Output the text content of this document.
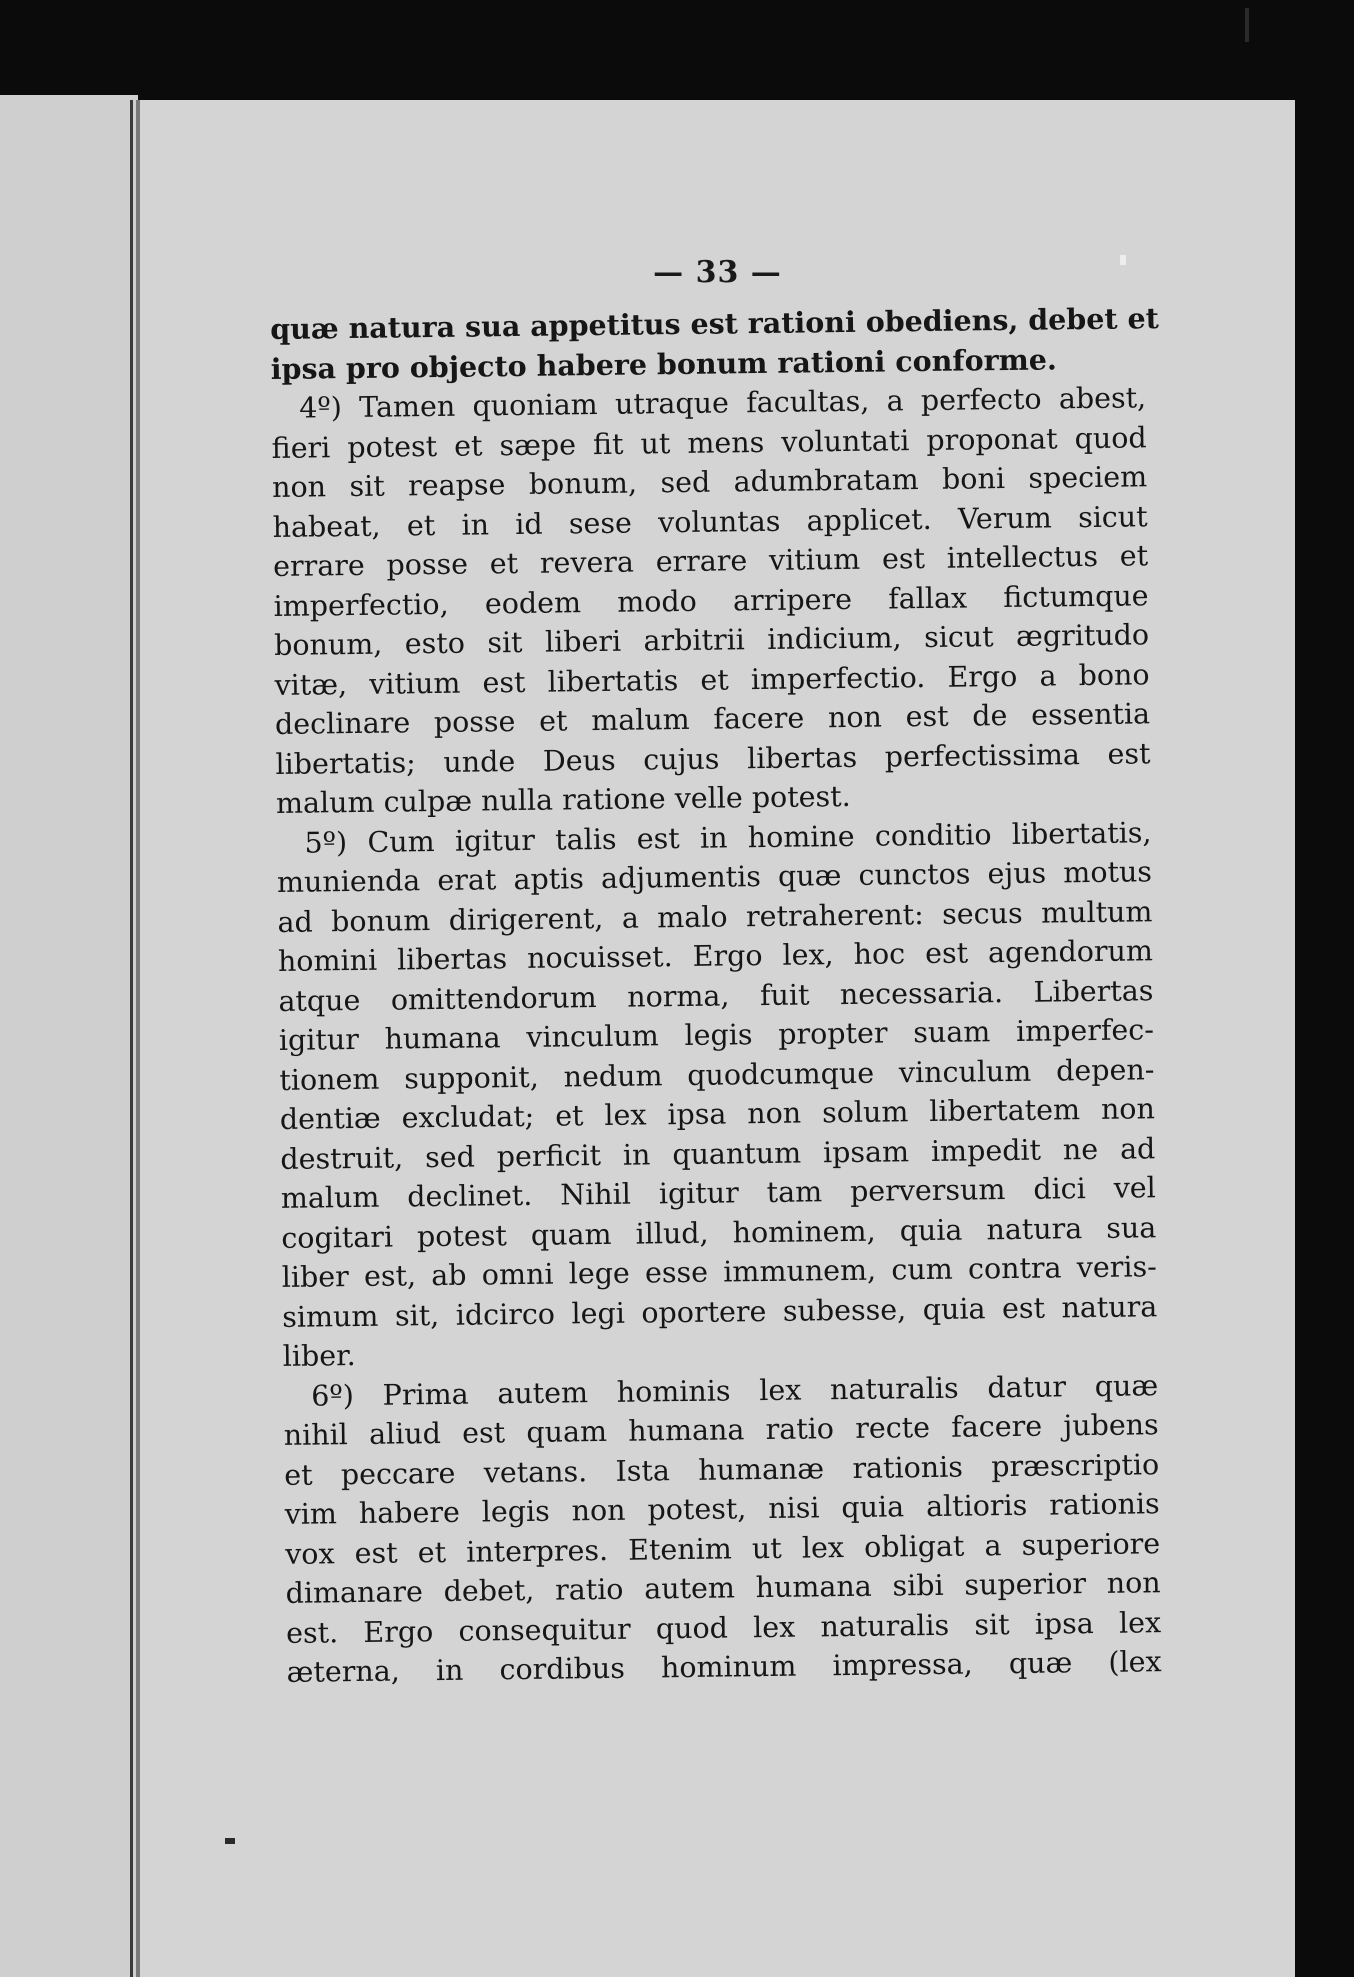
— 33 —
quæ natura sua appetitus est rationi obediens, debet et
ipsa pro objecto habere bonum rationi conforme.
4º) Tamen quoniam utraque facultas, a perfecto abest,
fieri potest et sæpe fit ut mens voluntati proponat quod
non sit reapse bonum, sed adumbratam boni speciem
habeat, et in id sese voluntas applicet. Verum sicut
errare posse et revera errare vitium est intellectus et
imperfectio, eodem modo arripere fallax fictumque
bonum, esto sit liberi arbitrii indicium, sicut ægritudo
vitæ, vitium est libertatis et imperfectio. Ergo a bono
declinare posse et malum facere non est de essentia
libertatis; unde Deus cujus libertas perfectissima est
malum culpæ nulla ratione velle potest.
5º) Cum igitur talis est in homine conditio libertatis,
munienda erat aptis adjumentis quæ cunctos ejus motus
ad bonum dirigerent, a malo retraherent: secus multum
homini libertas nocuisset. Ergo lex, hoc est agendorum
atque omittendorum norma, fuit necessaria. Libertas
igitur humana vinculum legis propter suam imperfec-
tionem supponit, nedum quodcumque vinculum depen-
dentiæ excludat; et lex ipsa non solum libertatem non
destruit, sed perficit in quantum ipsam impedit ne ad
malum declinet. Nihil igitur tam perversum dici vel
cogitari potest quam illud, hominem, quia natura sua
liber est, ab omni lege esse immunem, cum contra veris-
simum sit, idcirco legi oportere subesse, quia est natura
liber.
6º) Prima autem hominis lex naturalis datur quæ
nihil aliud est quam humana ratio recte facere jubens
et peccare vetans. Ista humanæ rationis præscriptio
vim habere legis non potest, nisi quia altioris rationis
vox est et interpres. Etenim ut lex obligat a superiore
dimanare debet, ratio autem humana sibi superior non
est. Ergo consequitur quod lex naturalis sit ipsa lex
æterna, in cordibus hominum impressa, quæ (lex
